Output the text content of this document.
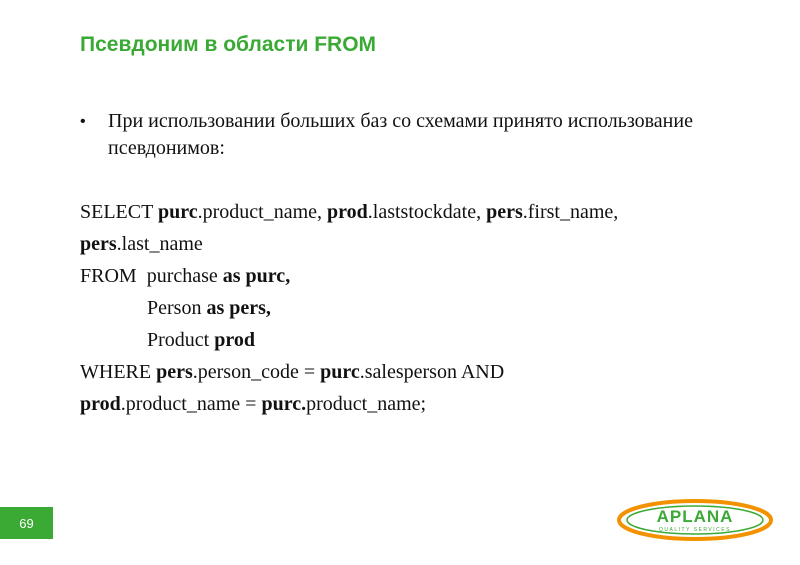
Псевдоним в области FROM
• При использовании больших баз со схемами принято использование псевдонимов:
SELECT purc.product_name, prod.laststockdate, pers.first_name,
pers.last_name
FROM  purchase as purc,
Person as pers,
Product prod
WHERE pers.person_code = purc.salesperson AND
prod.product_name = purc.product_name;
69	APLANA
QUALITY SERVICES
